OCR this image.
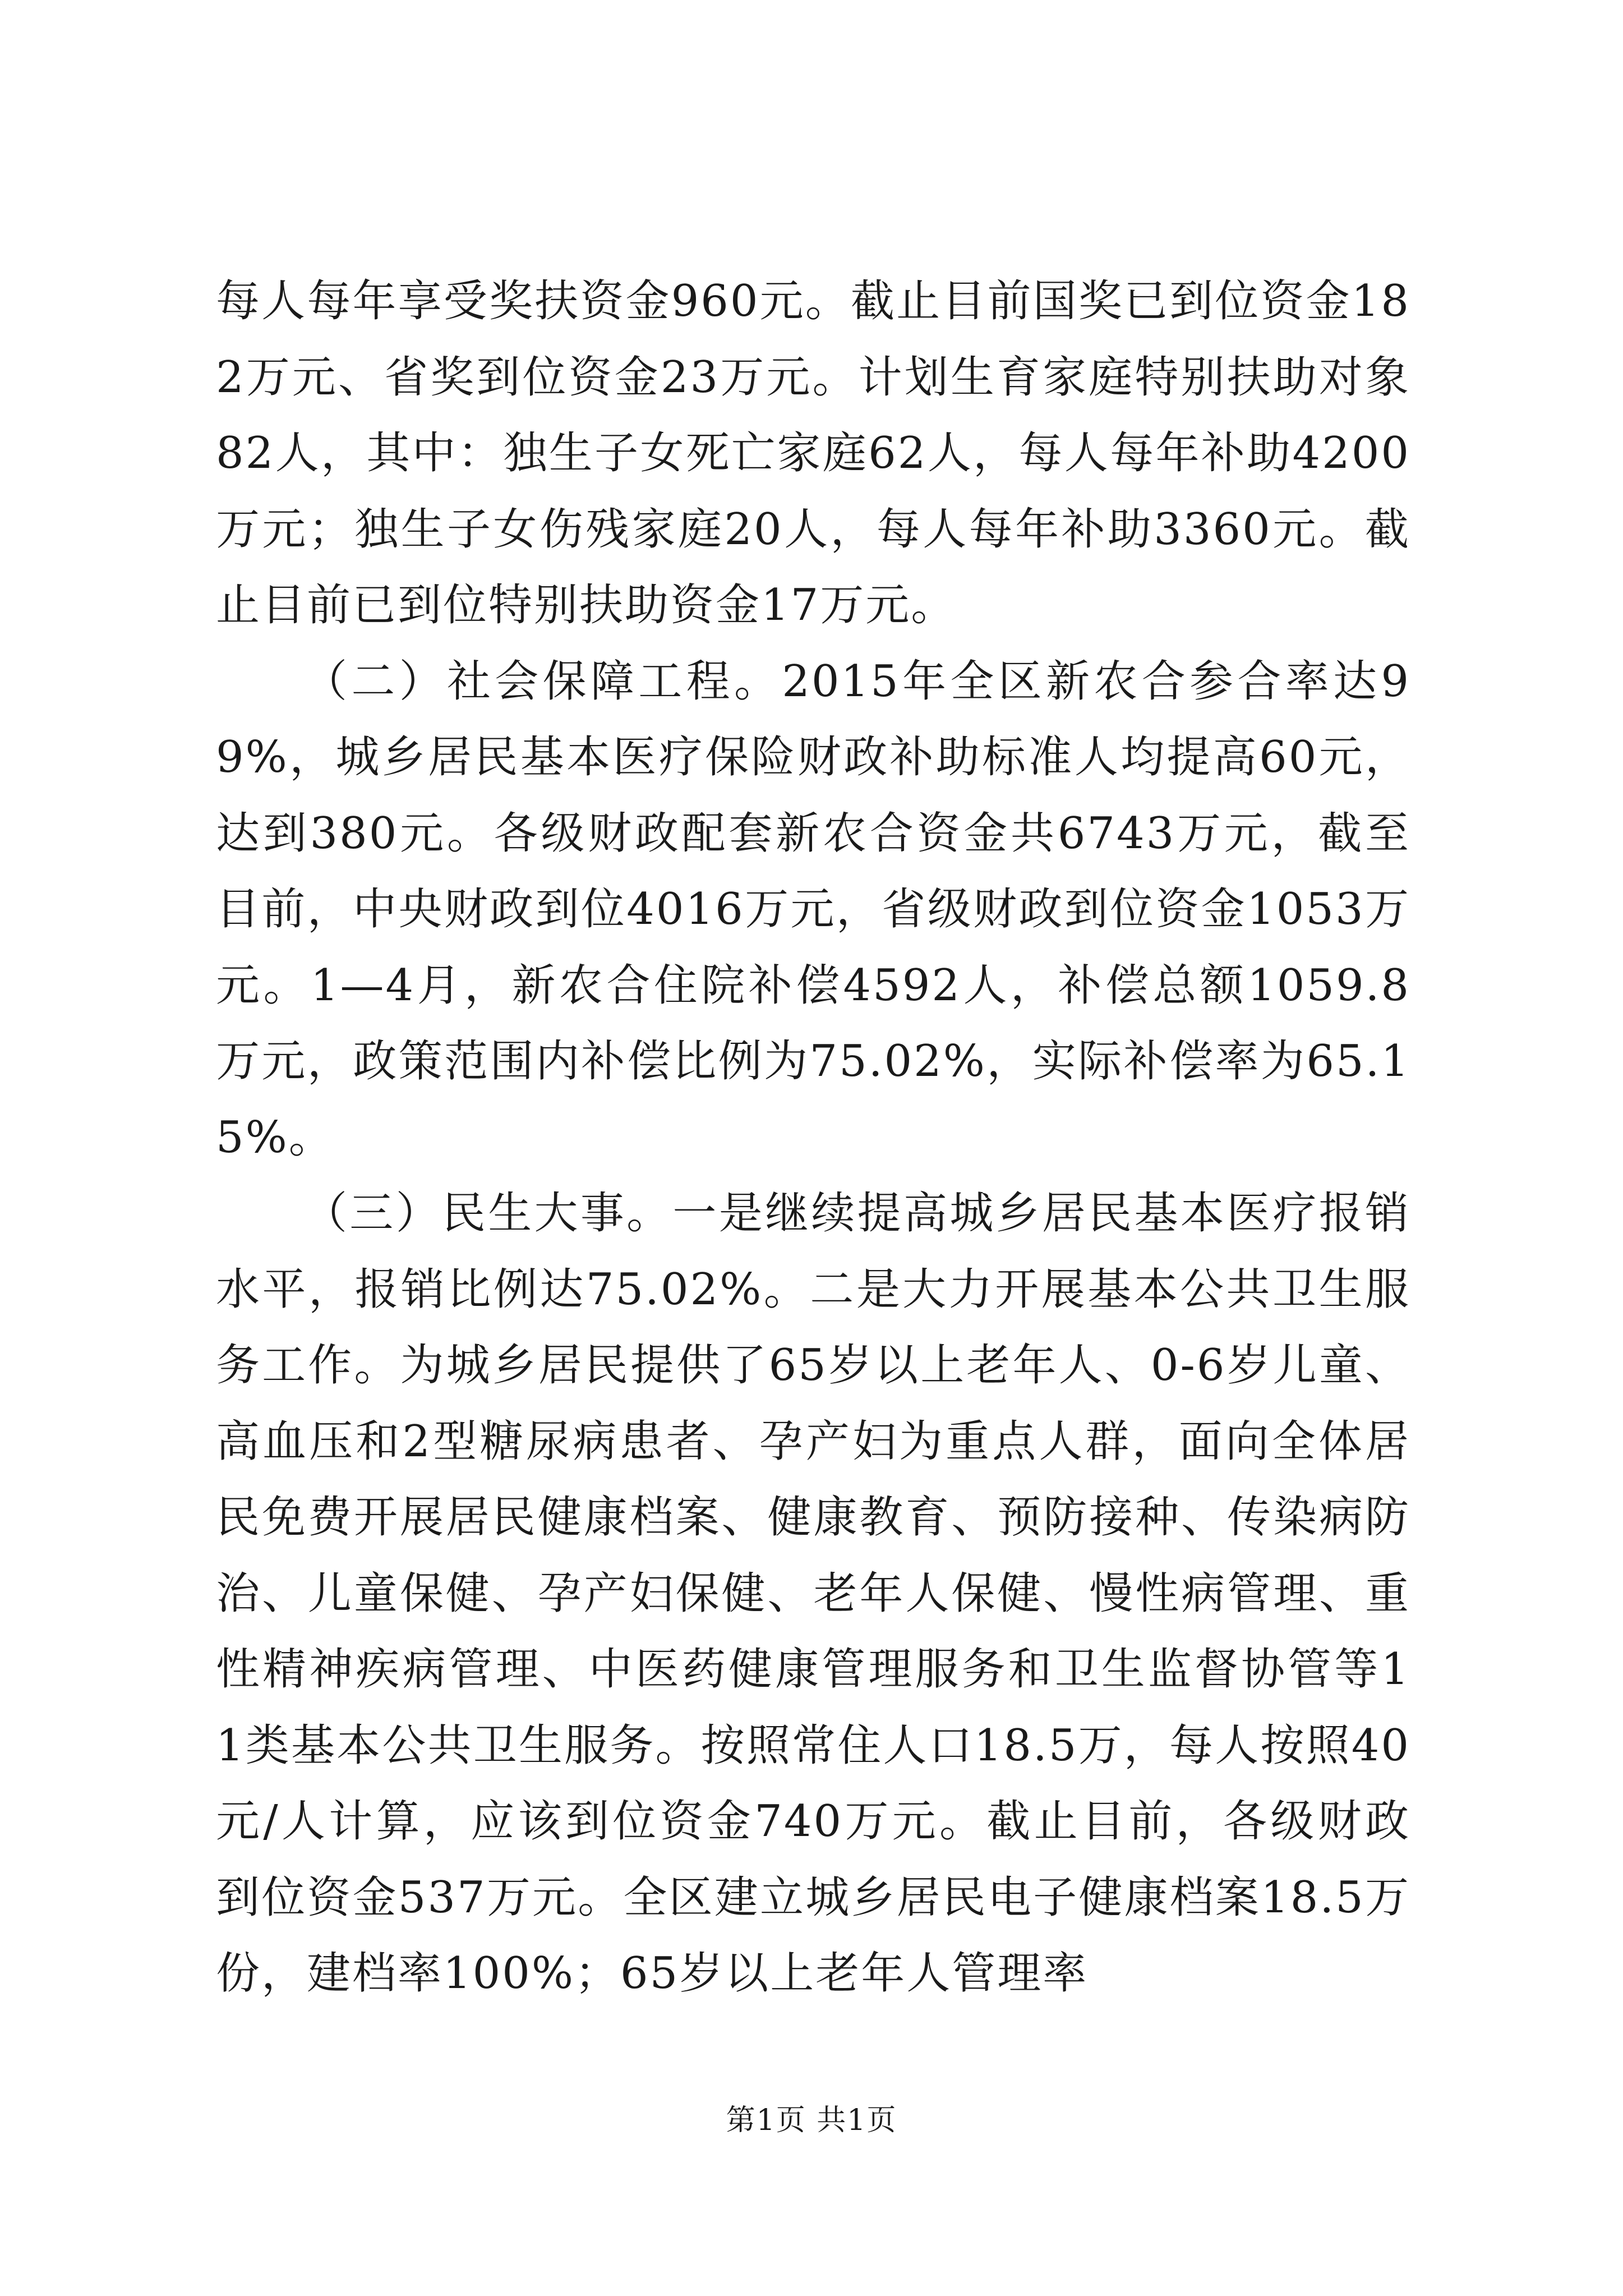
每人每年享受奖扶资金960元。截止目前国奖已到位资金182万元、省奖到位资金23万元。计划生育家庭特别扶助对象82人，其中：独生子女死亡家庭62人，每人每年补助4200万元；独生子女伤残家庭20人，每人每年补助3360元。截止目前已到位特别扶助资金17万元。

（二）社会保障工程。2015年全区新农合参合率达99%，城乡居民基本医疗保险财政补助标准人均提高60元，达到380元。各级财政配套新农合资金共6743万元，截至目前，中央财政到位4016万元，省级财政到位资金1053万元。1—4月，新农合住院补偿4592人，补偿总额1059.8万元，政策范围内补偿比例为75.02%，实际补偿率为65.15%。

（三）民生大事。一是继续提高城乡居民基本医疗报销水平，报销比例达75.02%。二是大力开展基本公共卫生服务工作。为城乡居民提供了65岁以上老年人、0-6岁儿童、高血压和2型糖尿病患者、孕产妇为重点人群，面向全体居民免费开展居民健康档案、健康教育、预防接种、传染病防治、儿童保健、孕产妇保健、老年人保健、慢性病管理、重性精神疾病管理、中医药健康管理服务和卫生监督协管等11类基本公共卫生服务。按照常住人口18.5万，每人按照40元/人计算，应该到位资金740万元。截止目前，各级财政到位资金537万元。全区建立城乡居民电子健康档案18.5万份，建档率100%；65岁以上老年人管理率

第1页 共1页
